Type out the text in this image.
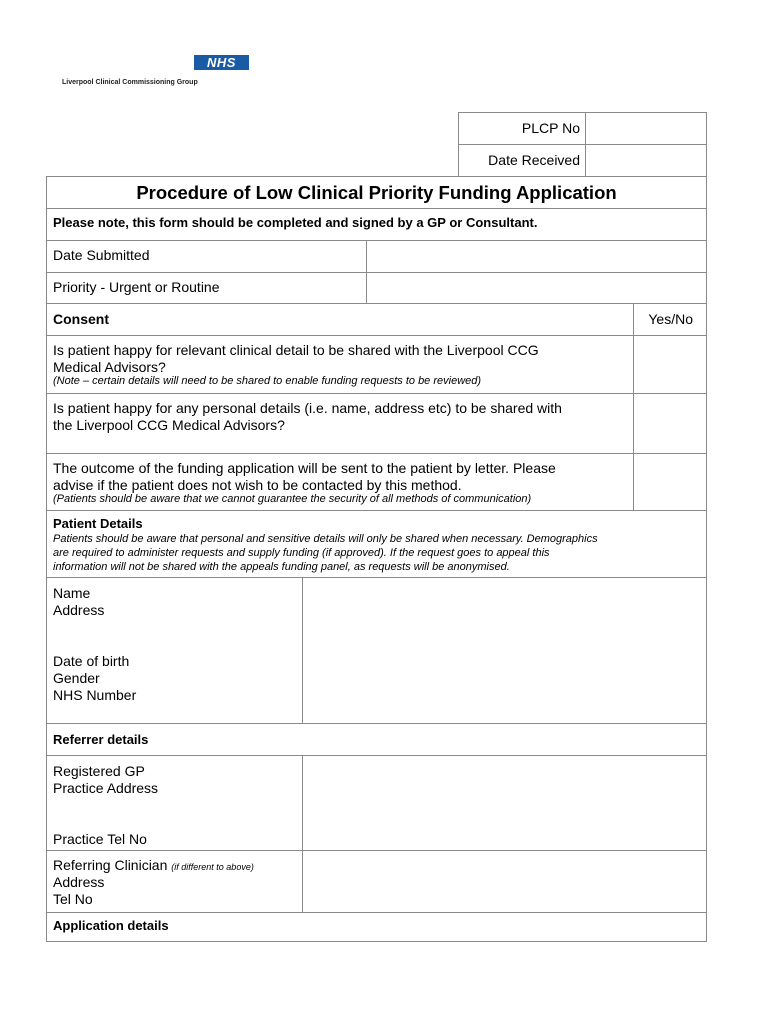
NHS
Liverpool Clinical Commissioning Group
PLCP No
Date Received
Procedure of Low Clinical Priority Funding Application
Please note, this form should be completed and signed by a GP or Consultant.
Date Submitted
Priority - Urgent or Routine
Consent	Yes/No
Is patient happy for relevant clinical detail to be shared with the Liverpool CCG
Medical Advisors?
(Note – certain details will need to be shared to enable funding requests to be reviewed)
Is patient happy for any personal details (i.e. name, address etc) to be shared with
the Liverpool CCG Medical Advisors?
The outcome of the funding application will be sent to the patient by letter. Please
advise if the patient does not wish to be contacted by this method.
(Patients should be aware that we cannot guarantee the security of all methods of communication)
Patient Details
Patients should be aware that personal and sensitive details will only be shared when necessary. Demographics
are required to administer requests and supply funding (if approved). If the request goes to appeal this
information will not be shared with the appeals funding panel, as requests will be anonymised.
Name
Address
Date of birth
Gender
NHS Number
Referrer details
Registered GP
Practice Address
Practice Tel No
Referring Clinician (if different to above)
Address
Tel No
Application details
